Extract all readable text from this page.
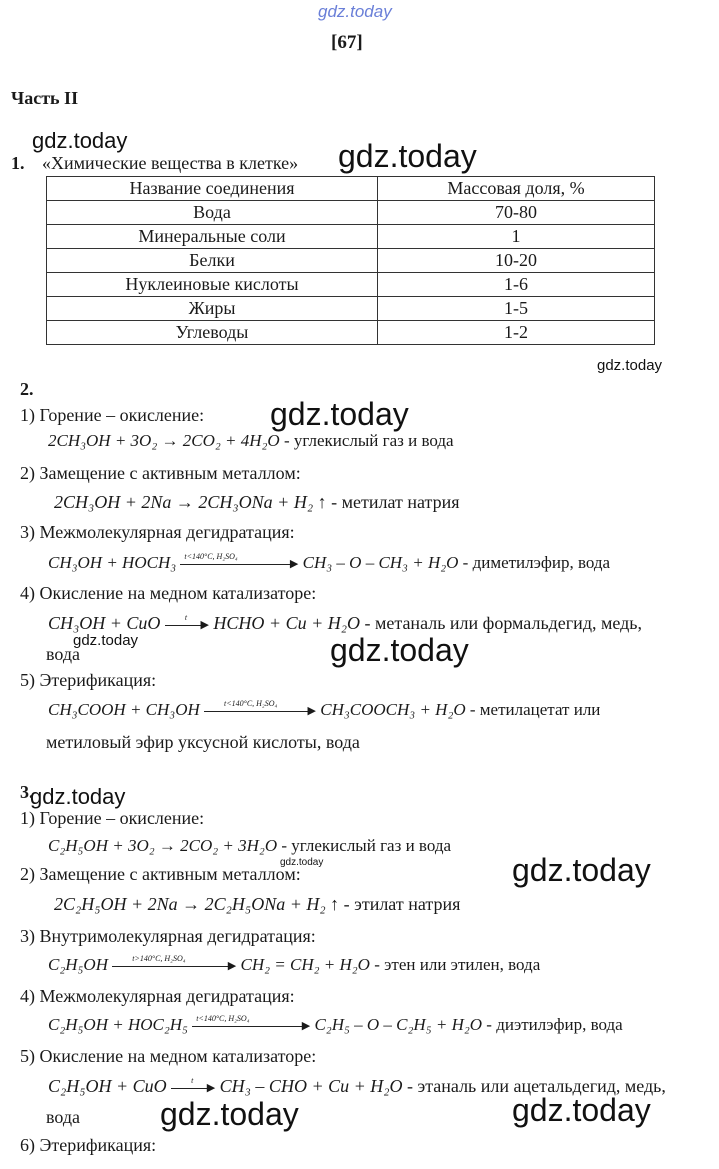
gdz.today
gdz.today	gdz.today
gdz.today
gdz.today
gdz.today	gdz.today
gdz.today
gdz.today	gdz.today
gdz.today	gdz.today
[67]
Часть II
1. «Химические вещества в клетке»
Название соединения	Массовая доля, %
Вода	70-80
Минеральные соли	1
Белки	10-20
Нуклеиновые кислоты	1-6
Жиры	1-5
Углеводы	1-2
2.
1) Горение – окисление:
2CH₃OH + 3O₂ → 2CO₂ + 4H₂O - углекислый газ и вода
2) Замещение с активным металлом:
2CH₃OH + 2Na → 2CH₃ONa + H₂ ↑ - метилат натрия
3) Межмолекулярная дегидратация:
CH₃OH + HOCH₃ t<140°C, H₂SO₄
▶ CH₃ – O – CH₃ + H₂O - диметилэфир, вода
4) Окисление на медном катализаторе:
CH₃OH + CuO	t
▶ HCHO + Cu + H₂O - метаналь или формальдегид, медь,
вода
5) Этерификация:
CH₃COOH + CH₃OH	t<140°C, H₂SO₄
▶ CH₃COOCH₃ + H₂O - метилацетат или
метиловый эфир уксусной кислоты, вода
3.
1) Горение – окисление:
C₂H₅OH + 3O₂ → 2CO₂ + 3H₂O - углекислый газ и вода
2) Замещение с активным металлом:
2C₂H₅OH + 2Na → 2C₂H₅ONa + H₂ ↑ - этилат натрия
3) Внутримолекулярная дегидратация:
C₂H₅OH	t>140°C, H₂SO₄
▶ CH₂ = CH₂ + H₂O - этен или этилен, вода
4) Межмолекулярная дегидратация:
C₂H₅OH + HOC₂H₅ t<140°C, H₂SO₄
▶ C₂H₅ – O – C₂H₅ + H₂O - диэтилэфир, вода
5) Окисление на медном катализаторе:
C₂H₅OH + CuO	t
▶ CH₃ – CHO + Cu + H₂O - этаналь или ацетальдегид, медь,
вода
6) Этерификация:
